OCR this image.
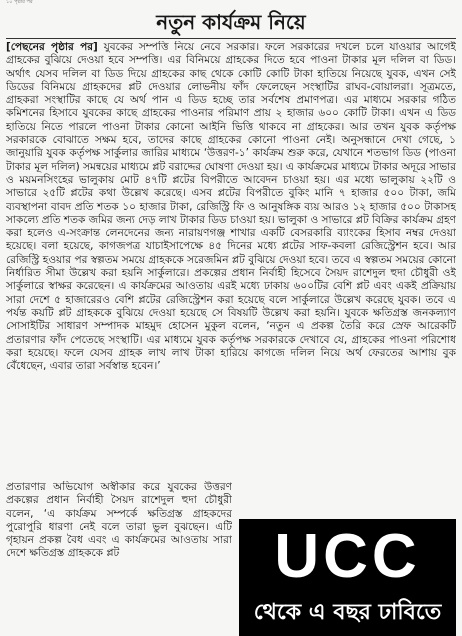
১০ পৃষ্ঠার পর
নতুন কার্যক্রম নিয়ে
[পেছনের পৃষ্ঠার পর] যুবকের সম্পত্তি নিয়ে নেবে সরকার। ফলে সরকারের দখলে চলে যাওয়ার আগেই গ্রাহকের বুঝিয়ে দেওয়া হবে সম্পত্তি। এর বিনিময়ে গ্রাহকের দিতে হবে পাওনা টাকার মূল দলিল বা ডিড। অর্থাৎ যেসব দলিল বা ডিড দিয়ে গ্রাহকের কাছ থেকে কোটি কোটি টাকা হাতিয়ে নিয়েছে যুবক, এখন সেই ডিডের বিনিময়ে গ্রাহকদের প্লট দেওয়ার লোভনীয় ফাঁদ ফেলেছেন সংস্থাটির রাঘব-বোয়ালরা। সূত্রমতে, গ্রাহকরা সংস্থাটির কাছে যে অর্থ পান এ ডিড হচ্ছে তার সর্বশেষ প্রমাণপত্র। এর মাধ্যমে সরকার গঠিত কমিশনের হিসাবে যুবকের কাছে গ্রাহকের পাওনার পরিমাণ প্রায় ২ হাজার ৬০০ কোটি টাকা। এখন এ ডিড হাতিয়ে নিতে পারলে পাওনা টাকার কোনো আইনি ভিত্তি থাকবে না গ্রাহকের। আর তখন যুবক কর্তৃপক্ষ সরকারকে বোঝাতে সক্ষম হবে, তাদের কাছে গ্রাহকের কোনো পাওনা নেই। অনুসন্ধানে দেখা গেছে, ১ জানুয়ারি যুবক কর্তৃপক্ষ সার্কুলার জারির মাধ্যমে ‘উত্তরণ-১’ কার্যক্রম শুরু করে, যেখানে শতভাগ ডিড (পাওনা টাকার মূল দলিল) সমন্বয়ের মাধ্যমে প্লট বরাদ্দের ঘোষণা দেওয়া হয়। এ কার্যক্রমের মাধ্যমে টাকার অদূরে সাভার ও ময়মনসিংহের ভালুকায় মোট ৪৭টি প্লটের বিপরীতে আবেদন চাওয়া হয়। এর মধ্যে ভালুকায় ২২টি ও সাভারে ২৫টি প্লটের কথা উল্লেখ করেছে। এসব প্লটের বিপরীতে বুকিং মানি ৭ হাজার ৫০০ টাকা, জমি ব্যবস্থাপনা বাবদ প্রতি শতক ১০ হাজার টাকা, রেজিস্ট্রি ফি ও আনুষঙ্গিক ব্যয় আরও ১২ হাজার ৫০০ টাকাসহ সাকল্যে প্রতি শতক জমির জন্য দেড় লাখ টাকার ডিড চাওয়া হয়। ভালুকা ও সাভারে প্লট বিক্রির কার্যক্রম গ্রহণ করা হলেও এ-সংক্রান্ত লেনদেনের জন্য নারায়ণগঞ্জ শাখার একটি বেসরকারি ব্যাংকের হিসাব নম্বর দেওয়া হয়েছে। বলা হয়েছে, কাগজপত্র যাচাইসাপেক্ষে ৪৫ দিনের মধ্যে প্লটের সাফ-কবলা রেজিস্ট্রেশন হবে। আর রেজিস্ট্রি হওয়ার পর স্বল্পতম সময়ে গ্রাহককে সরেজমিন প্লট বুঝিয়ে দেওয়া হবে। তবে এ স্বল্পতম সময়ের কোনো নির্ধারিত সীমা উল্লেখ করা হয়নি সার্কুলারে। প্রকল্পের প্রধান নির্বাহী হিসেবে সৈয়দ রাশেদুল হুদা চৌধুরী ওই সার্কুলারে স্বাক্ষর করেছেন। এ কার্যক্রমের আওতায় এরই মধ্যে ঢাকায় ৬০০টির বেশি প্লট এবং একই প্রক্রিয়ায় সারা দেশে ৫ হাজারেরও বেশি প্লটের রেজিস্ট্রেশন করা হয়েছে বলে সার্কুলারে উল্লেখ করেছে যুবক। তবে এ পর্যন্ত কয়টি প্লট গ্রাহককে বুঝিয়ে দেওয়া হয়েছে সে বিষয়টি উল্লেখ করা হয়নি। যুবকে ক্ষতিগ্রস্ত জনকল্যাণ সোসাইটির সাধারণ সম্পাদক মাহমুদ হোসেন মুকুল বলেন, ‘নতুন এ প্রকল্প তৈরি করে স্রেফ আরেকটি প্রতারণার ফাঁদ পেতেছে সংস্থাটি। এর মাধ্যমে যুবক কর্তৃপক্ষ সরকারকে দেখাবে যে, গ্রাহকের পাওনা পরিশোধ করা হয়েছে। ফলে যেসব গ্রাহক লাখ লাখ টাকা হারিয়ে কাগজে দলিল নিয়ে অর্থ ফেরতের আশায় বুক বেঁধেছেন, এবার তারা সর্বস্বান্ত হবেন।’
প্রতারণার অভিযোগ অস্বীকার করে যুবকের উত্তরণ প্রকল্পের প্রধান নির্বাহী সৈয়দ রাশেদুল হুদা চৌধুরী বলেন, ‘এ কার্যক্রম সম্পর্কে ক্ষতিগ্রস্ত গ্রাহকদের পুরোপুরি ধারণা নেই বলে তারা ভুল বুঝছেন। এটি গৃহায়ন প্রকল্প বৈধ এবং এ কার্যক্রমের আওতায় সারা দেশে ক্ষতিগ্রস্ত গ্রাহককে প্লট	UCC
থেকে এ বছর ঢাবিতে
